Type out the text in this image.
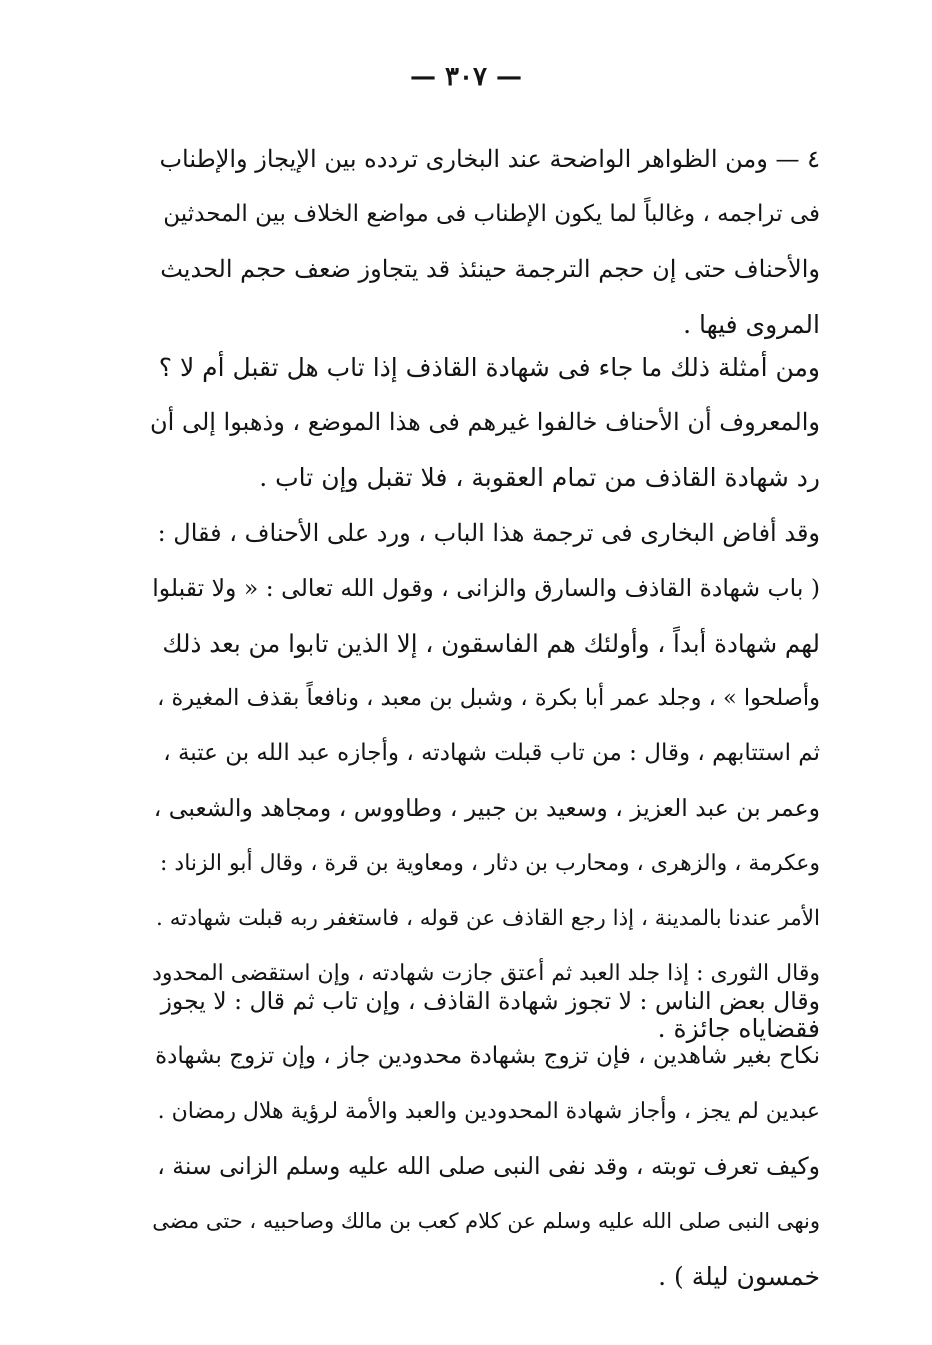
— ٣٠٧ —
٤ — ومن الظواهر الواضحة عند البخارى تردده بين الإيجاز والإطناب
فى تراجمه ، وغالباً لما يكون الإطناب فى مواضع الخلاف بين المحدثين
والأحناف حتى إن حجم الترجمة حينئذ قد يتجاوز ضعف حجم الحديث
المروى فيها .
ومن أمثلة ذلك ما جاء فى شهادة القاذف إذا تاب هل تقبل أم لا ؟
والمعروف أن الأحناف خالفوا غيرهم فى هذا الموضع ، وذهبوا إلى أن
رد شهادة القاذف من تمام العقوبة ، فلا تقبل وإن تاب .
وقد أفاض البخارى فى ترجمة هذا الباب ، ورد على الأحناف ، فقال :
( باب شهادة القاذف والسارق والزانى ، وقول الله تعالى : « ولا تقبلوا
لهم شهادة أبداً ، وأولئك هم الفاسقون ، إلا الذين تابوا من بعد ذلك
وأصلحوا » ، وجلد عمر أبا بكرة ، وشبل بن معبد ، ونافعاً بقذف المغيرة ،
ثم استتابهم ، وقال : من تاب قبلت شهادته ، وأجازه عبد الله بن عتبة ،
وعمر بن عبد العزيز ، وسعيد بن جبير ، وطاووس ، ومجاهد والشعبى ،
وعكرمة ، والزهرى ، ومحارب بن دثار ، ومعاوية بن قرة ، وقال أبو الزناد :
الأمر عندنا بالمدينة ، إذا رجع القاذف عن قوله ، فاستغفر ربه قبلت شهادته .
وقال الثورى : إذا جلد العبد ثم أعتق جازت شهادته ، وإن استقضى المحدود
فقضاياه جائزة .
وقال بعض الناس : لا تجوز شهادة القاذف ، وإن تاب ثم قال : لا يجوز
نكاح بغير شاهدين ، فإن تزوج بشهادة محدودين جاز ، وإن تزوج بشهادة
عبدين لم يجز ، وأجاز شهادة المحدودين والعبد والأمة لرؤية هلال رمضان .
وكيف تعرف توبته ، وقد نفى النبى صلى الله عليه وسلم الزانى سنة ،
ونهى النبى صلى الله عليه وسلم عن كلام كعب بن مالك وصاحبيه ، حتى مضى
خمسون ليلة ) .
